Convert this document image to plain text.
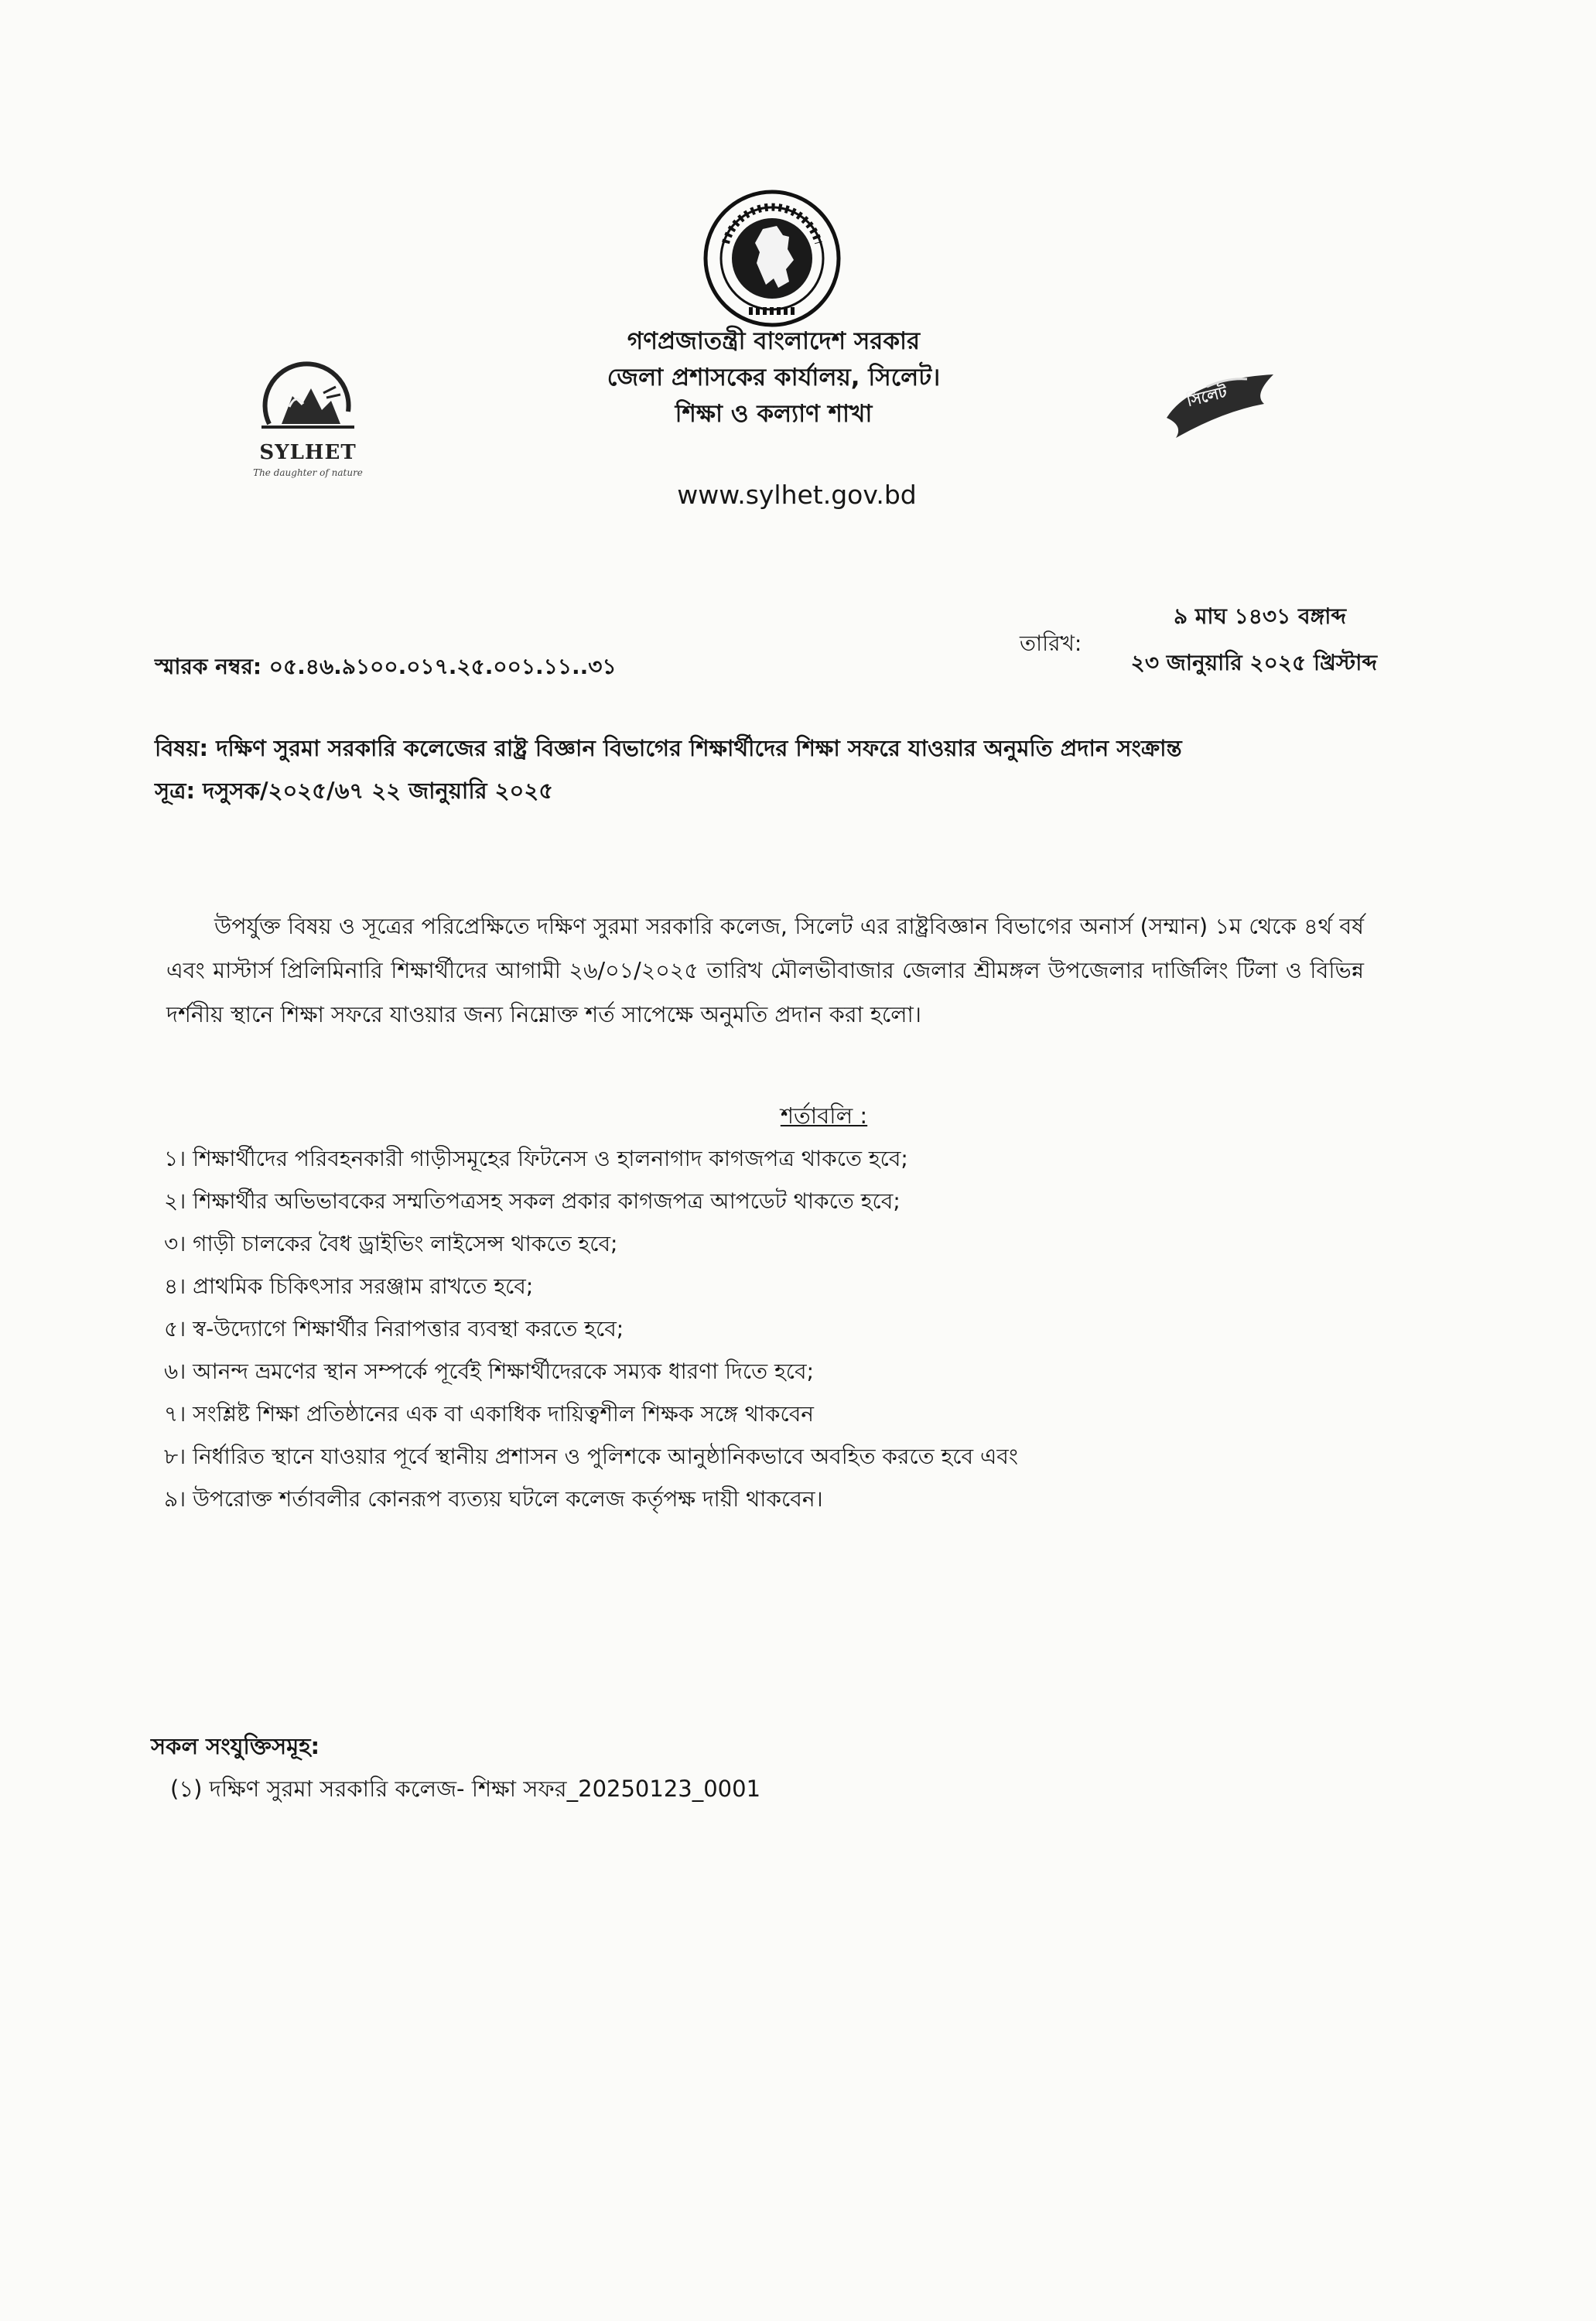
SYLHET
The daughter of nature
সিলেট
গণপ্রজাতন্ত্রী বাংলাদেশ সরকার
জেলা প্রশাসকের কার্যালয়, সিলেট।
শিক্ষা ও কল্যাণ শাখা
www.sylhet.gov.bd
স্মারক নম্বর: ০৫.৪৬.৯১০০.০১৭.২৫.০০১.১১..৩১
তারিখ:
৯ মাঘ ১৪৩১ বঙ্গাব্দ
২৩ জানুয়ারি ২০২৫ খ্রিস্টাব্দ
বিষয়: দক্ষিণ সুরমা সরকারি কলেজের রাষ্ট্র বিজ্ঞান বিভাগের শিক্ষার্থীদের শিক্ষা সফরে যাওয়ার অনুমতি প্রদান সংক্রান্ত
সূত্র: দসুসক/২০২৫/৬৭ ২২ জানুয়ারি ২০২৫

উপর্যুক্ত বিষয় ও সূত্রের পরিপ্রেক্ষিতে দক্ষিণ সুরমা সরকারি কলেজ, সিলেট এর রাষ্ট্রবিজ্ঞান বিভাগের অনার্স (সম্মান) ১ম থেকে ৪র্থ বর্ষ এবং মাস্টার্স প্রিলিমিনারি শিক্ষার্থীদের আগামী ২৬/০১/২০২৫ তারিখ মৌলভীবাজার জেলার শ্রীমঙ্গল উপজেলার দার্জিলিং টিলা ও বিভিন্ন দর্শনীয় স্থানে শিক্ষা সফরে যাওয়ার জন্য নিম্নোক্ত শর্ত সাপেক্ষে অনুমতি প্রদান করা হলো।

শর্তাবলি :
১। শিক্ষার্থীদের পরিবহনকারী গাড়ীসমূহের ফিটনেস ও হালনাগাদ কাগজপত্র থাকতে হবে;
২। শিক্ষার্থীর অভিভাবকের সম্মতিপত্রসহ সকল প্রকার কাগজপত্র আপডেট থাকতে হবে;
৩। গাড়ী চালকের বৈধ ড্রাইভিং লাইসেন্স থাকতে হবে;
৪। প্রাথমিক চিকিৎসার সরঞ্জাম রাখতে হবে;
৫। স্ব-উদ্যোগে শিক্ষার্থীর নিরাপত্তার ব্যবস্থা করতে হবে;
৬। আনন্দ ভ্রমণের স্থান সম্পর্কে পূর্বেই শিক্ষার্থীদেরকে সম্যক ধারণা দিতে হবে;
৭। সংশ্লিষ্ট শিক্ষা প্রতিষ্ঠানের এক বা একাধিক দায়িত্বশীল শিক্ষক সঙ্গে থাকবেন
৮। নির্ধারিত স্থানে যাওয়ার পূর্বে স্থানীয় প্রশাসন ও পুলিশকে আনুষ্ঠানিকভাবে অবহিত করতে হবে এবং
৯। উপরোক্ত শর্তাবলীর কোনরূপ ব্যত্যয় ঘটলে কলেজ কর্তৃপক্ষ দায়ী থাকবেন।
সকল সংযুক্তিসমূহ:
(১) দক্ষিণ সুরমা সরকারি কলেজ- শিক্ষা সফর_20250123_0001
